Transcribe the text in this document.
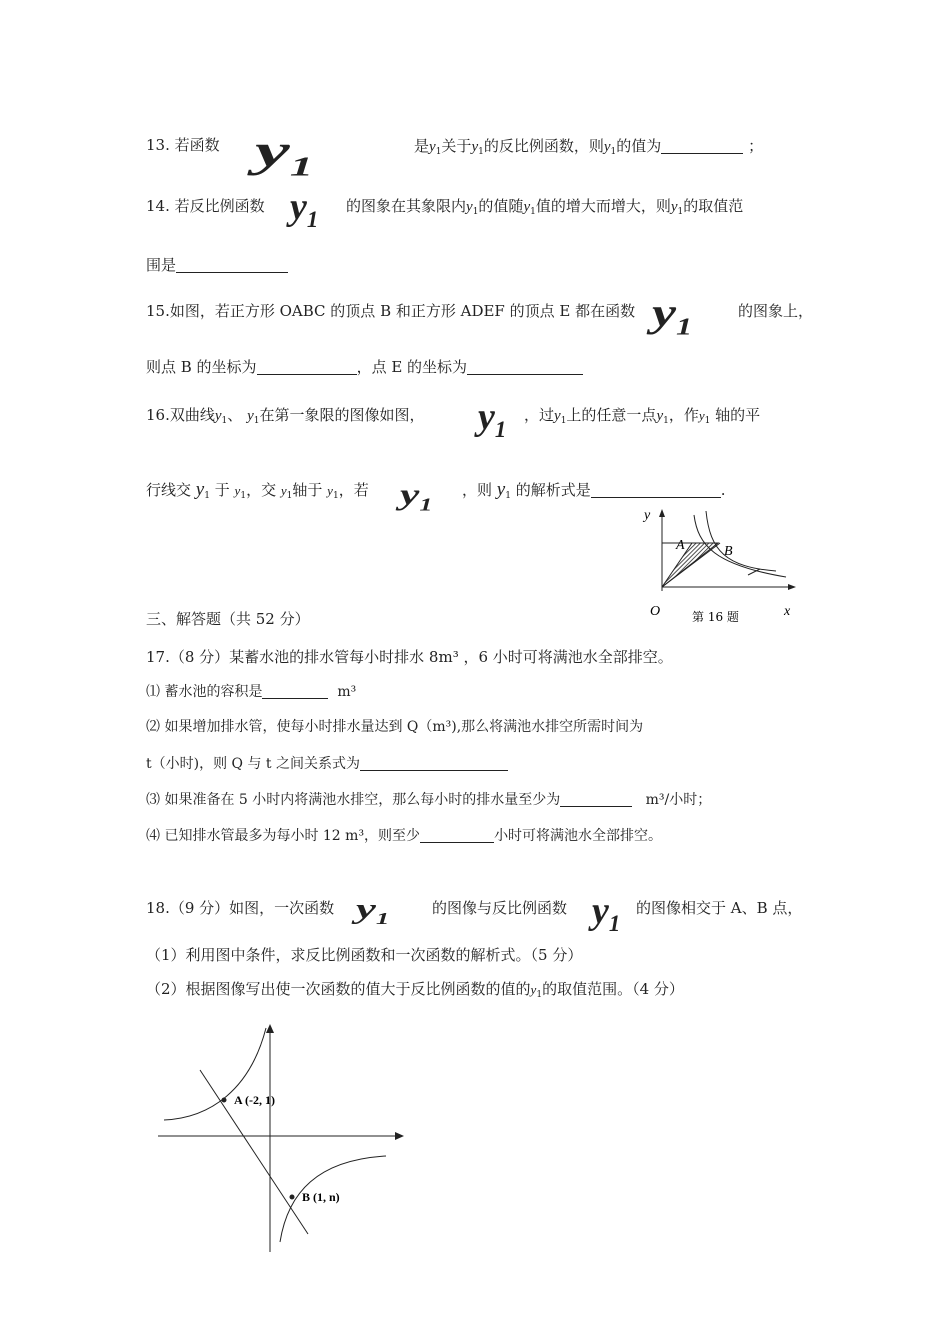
13. 若函数 $y_1$
是$y_1$关于$y_1$的反比例函数，则$y_1$的值为	；
14. 若反比例函数 $y_1$
的图象在其象限内$y_1$的值随$y_1$值的增大而增大，则$y_1$的取值范
围是
15.如图，若正方形 OABC 的顶点 B 和正方形 ADEF 的顶点 E 都在函数 $y_1$
的图象上，
则点 B 的坐标为	，点 E 的坐标为
16.双曲线$y_1$、 $y_1$在第一象限的图像如图， $y_1$
，过$y_1$上的任意一点$y_1$，作$y_1$ 轴的平
行线交 $y_1$ 于 $y_1$，交 $y_1$轴于 $y_1$，若 $y_1$
，则 $y_1$ 的解析式是	.
y
x
O
A	B
第 16 题
三、解答题（共 52 分）
17.（8 分）某蓄水池的排水管每小时排水 8m³ ，6 小时可将满池水全部排空。
⑴ 蓄水池的容积是	m³
⑵ 如果增加排水管，使每小时排水量达到 Q（m³),那么将满池水排空所需时间为
t（小时)，则 Q 与 t 之间关系式为
⑶ 如果准备在 5 小时内将满池水排空，那么每小时的排水量至少为	m³/小时；
⑷ 已知排水管最多为每小时 12 m³，则至少	小时可将满池水全部排空。
18.（9 分）如图，一次函数 $y_1$
的图像与反比例函数 $y_1$
的图像相交于 A、B 点，
（1）利用图中条件，求反比例函数和一次函数的解析式。（5 分）
（2）根据图像写出使一次函数的值大于反比例函数的值的$y_1$的取值范围。（4 分）
A (-2, 1)
B (1, n)
